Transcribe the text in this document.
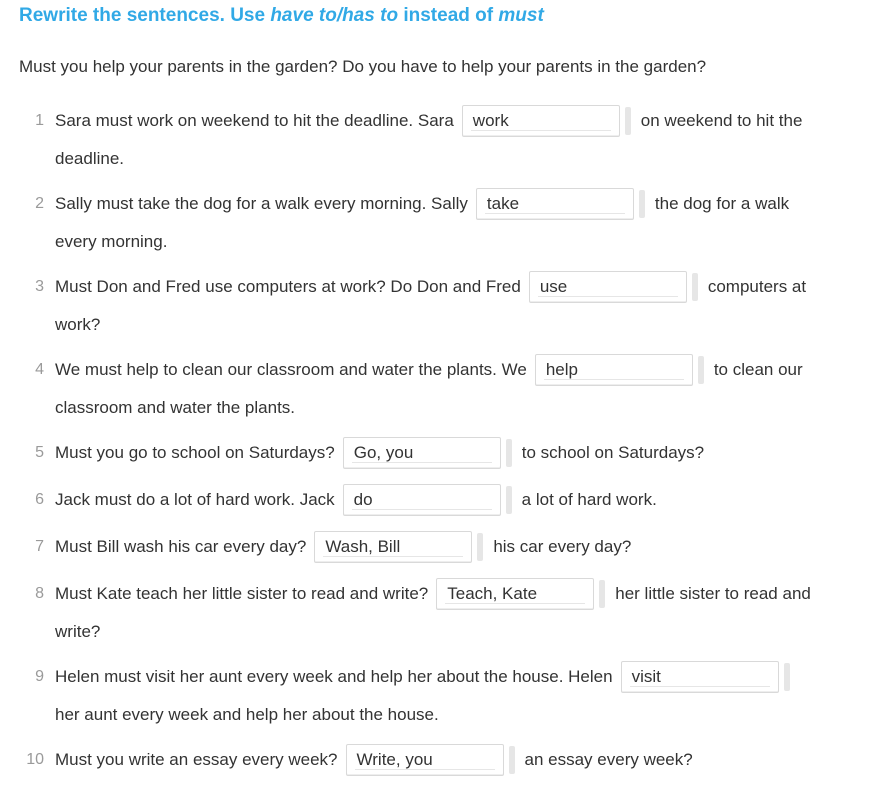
Rewrite the sentences. Use have to/has to instead of must
Must you help your parents in the garden? Do you have to help your parents in the garden?
1 Sara must work on weekend to hit the deadline. Sara	work	on weekend to hit the
deadline.
2 Sally must take the dog for a walk every morning. Sally	take	the dog for a walk
every morning.
3 Must Don and Fred use computers at work? Do Don and Fred	use	computers at
work?
4 We must help to clean our classroom and water the plants. We	help	to clean our
classroom and water the plants.
5 Must you go to school on Saturdays?	Go, you	to school on Saturdays?
6 Jack must do a lot of hard work. Jack	do	a lot of hard work.
7 Must Bill wash his car every day?	Wash, Bill	his car every day?
8 Must Kate teach her little sister to read and write?	Teach, Kate	her little sister to read and
write?
9 Helen must visit her aunt every week and help her about the house. Helen	visit
her aunt every week and help her about the house.
10 Must you write an essay every week?	Write, you	an essay every week?
